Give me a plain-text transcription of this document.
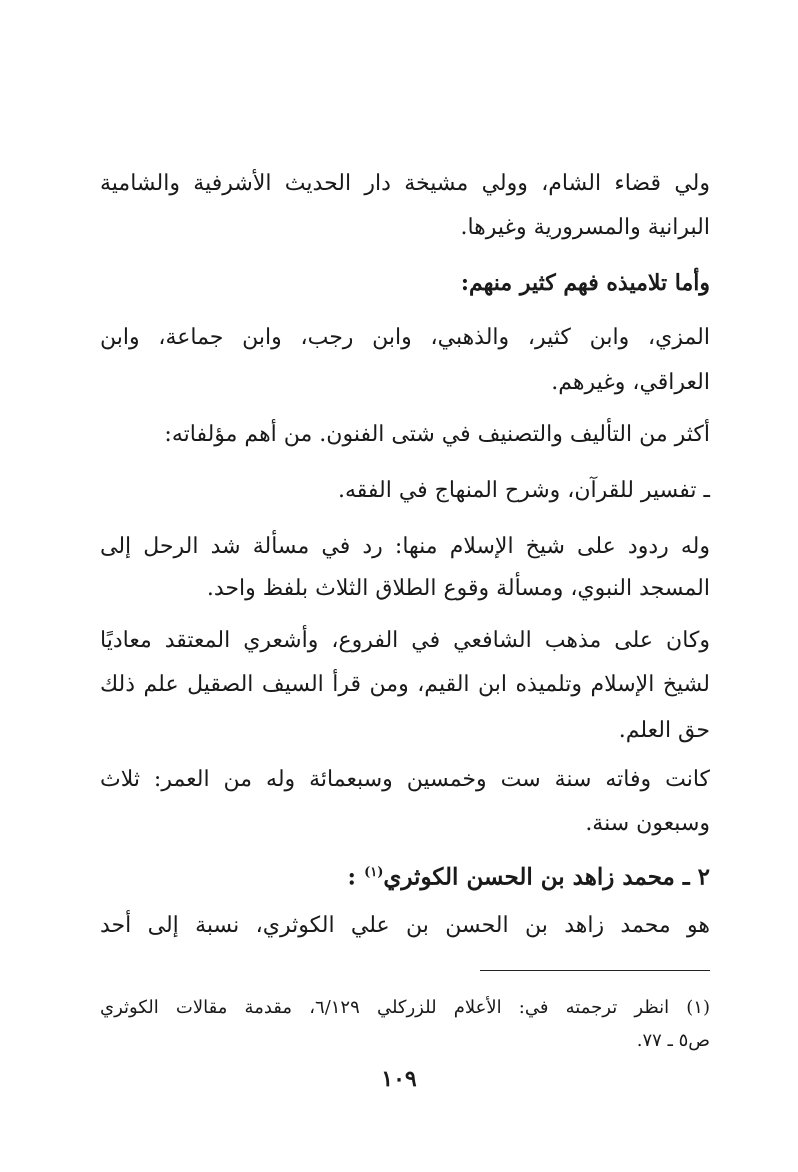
ولي قضاء الشام، وولي مشيخة دار الحديث الأشرفية والشامية
البرانية والمسرورية وغيرها.
وأما تلاميذه فهم كثير منهم:
المزي، وابن كثير، والذهبي، وابن رجب، وابن جماعة، وابن
العراقي، وغيرهم.
أكثر من التأليف والتصنيف في شتى الفنون. من أهم مؤلفاته:
ـ تفسير للقرآن، وشرح المنهاج في الفقه.
وله ردود على شيخ الإسلام منها: رد في مسألة شد الرحل إلى
المسجد النبوي، ومسألة وقوع الطلاق الثلاث بلفظ واحد.
وكان على مذهب الشافعي في الفروع، وأشعري المعتقد معاديًا
لشيخ الإسلام وتلميذه ابن القيم، ومن قرأ السيف الصقيل علم ذلك
حق العلم.
كانت وفاته سنة ست وخمسين وسبعمائة وله من العمر: ثلاث
وسبعون سنة.
٢ ـ محمد زاهد بن الحسن الكوثري$^{(١)}$ :
هو محمد زاهد بن الحسن بن علي الكوثري، نسبة إلى أحد
(١) انظر ترجمته في: الأعلام للزركلي ٦/١٢٩، مقدمة مقالات الكوثري
ص٥ ـ ٧٧.
١٠٩
